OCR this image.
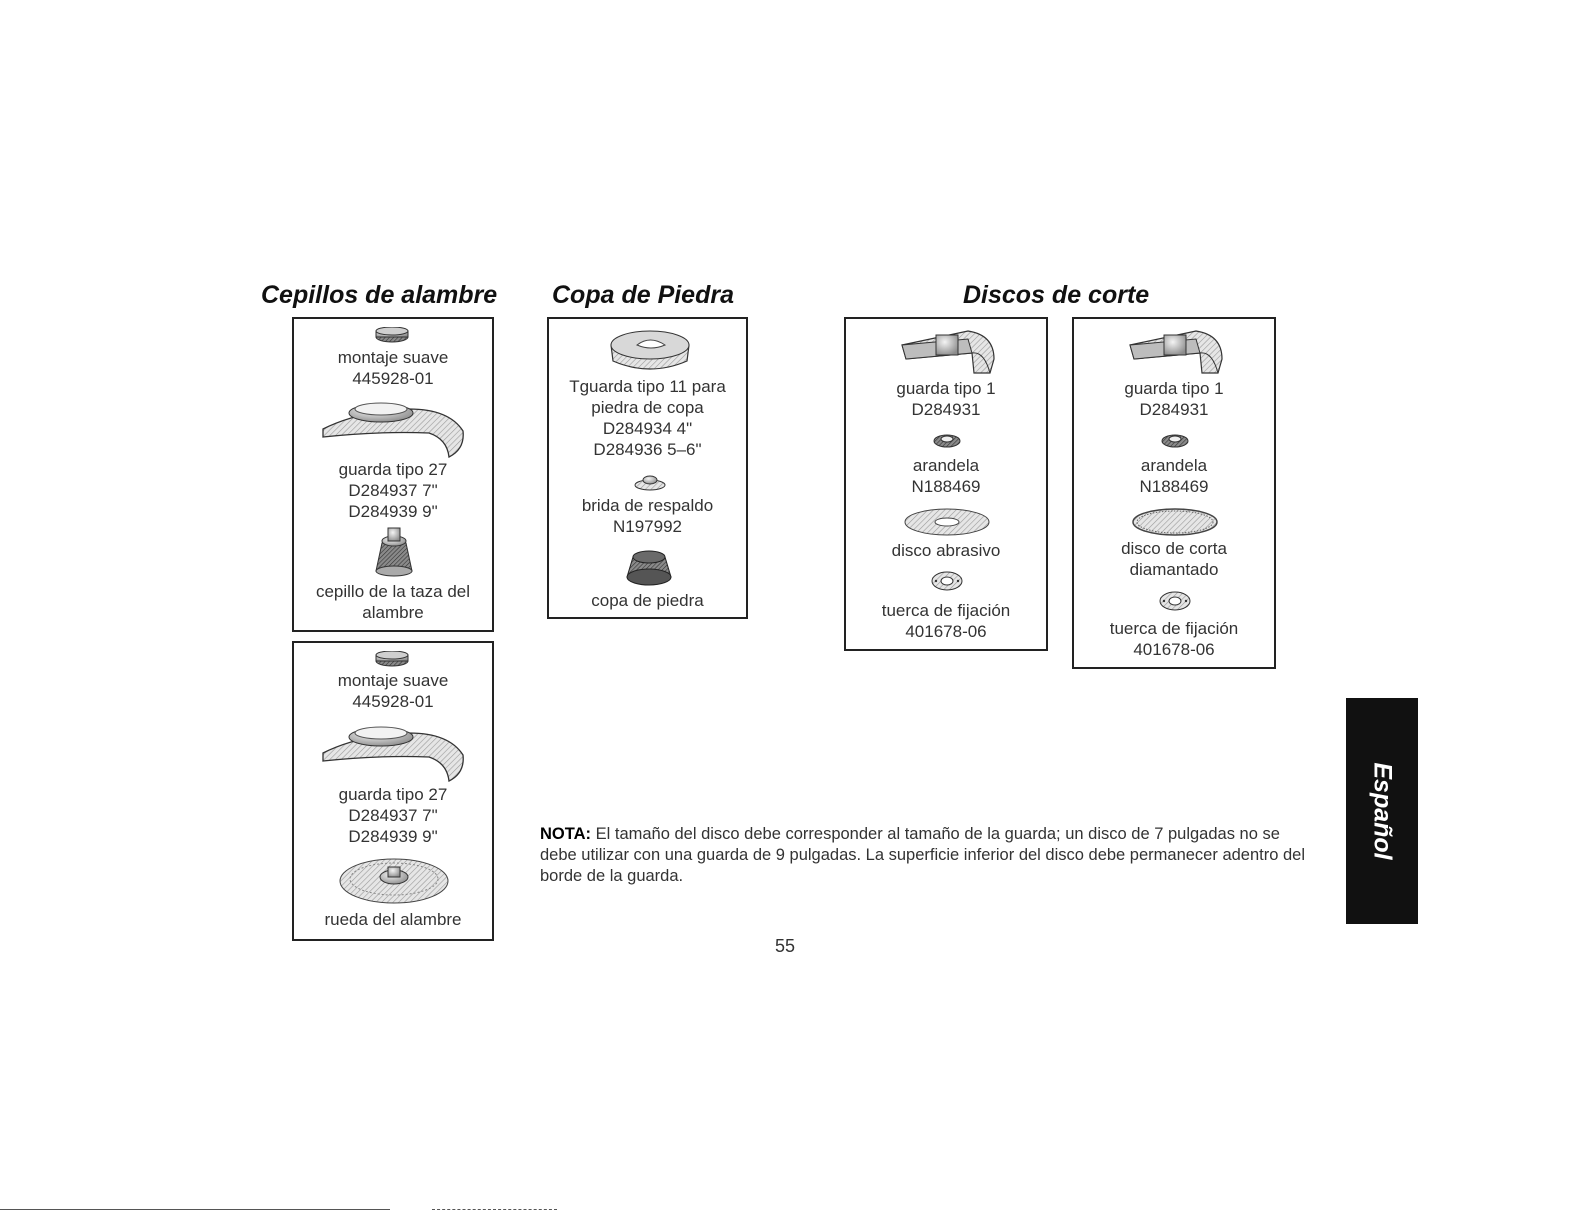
Cepillos de alambre Copa de Piedra	Discos de corte
montaje suave
445928-01
guarda tipo 27
D284937 7"
D284939 9"
cepillo de la taza del
alambre
montaje suave
445928-01
guarda tipo 27
D284937 7"
D284939 9"
rueda del alambre
Tguarda tipo 11 para
piedra de copa
D284934 4"
D284936 5–6"
brida de respaldo
N197992
copa de piedra
guarda tipo 1
D284931
arandela
N188469
disco abrasivo
tuerca de fijación
401678-06
guarda tipo 1
D284931
arandela
N188469
disco de corta
diamantado
tuerca de fijación
401678-06

NOTA: El tamaño del disco debe corresponder al tamaño de la guarda; un disco de 7 pulgadas no se debe utilizar con una guarda de 9 pulgadas. La superficie inferior del disco debe permanecer adentro del borde de la guarda.

55
Español
